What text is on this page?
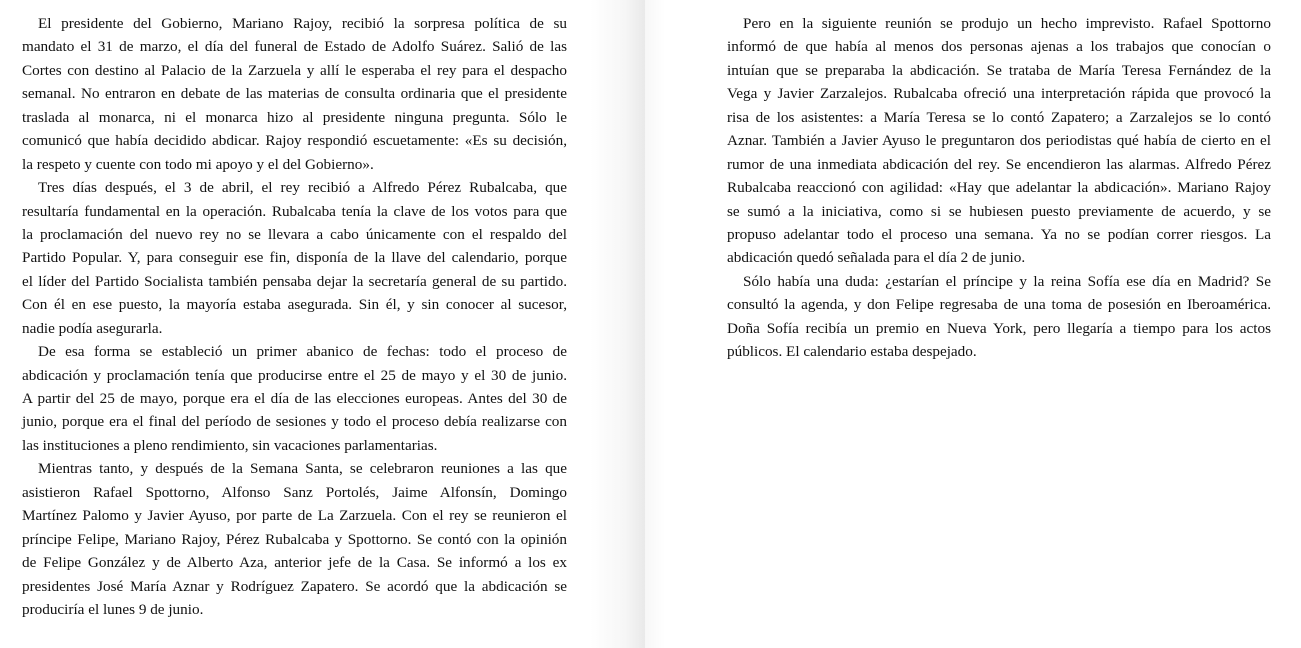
El presidente del Gobierno, Mariano Rajoy, recibió la sorpresa política de su
mandato el 31 de marzo, el día del funeral de Estado de Adolfo Suárez. Salió de las
Cortes con destino al Palacio de la Zarzuela y allí le esperaba el rey para el despacho
semanal. No entraron en debate de las materias de consulta ordinaria que el presidente
traslada al monarca, ni el monarca hizo al presidente ninguna pregunta. Sólo le
comunicó que había decidido abdicar. Rajoy respondió escuetamente: «Es su decisión,
la respeto y cuente con todo mi apoyo y el del Gobierno».
Tres días después, el 3 de abril, el rey recibió a Alfredo Pérez Rubalcaba, que
resultaría fundamental en la operación. Rubalcaba tenía la clave de los votos para que
la proclamación del nuevo rey no se llevara a cabo únicamente con el respaldo del
Partido Popular. Y, para conseguir ese fin, disponía de la llave del calendario, porque
el líder del Partido Socialista también pensaba dejar la secretaría general de su partido.
Con él en ese puesto, la mayoría estaba asegurada. Sin él, y sin conocer al sucesor,
nadie podía asegurarla.
De esa forma se estableció un primer abanico de fechas: todo el proceso de
abdicación y proclamación tenía que producirse entre el 25 de mayo y el 30 de junio.
A partir del 25 de mayo, porque era el día de las elecciones europeas. Antes del 30 de
junio, porque era el final del período de sesiones y todo el proceso debía realizarse con
las instituciones a pleno rendimiento, sin vacaciones parlamentarias.
Mientras tanto, y después de la Semana Santa, se celebraron reuniones a las que
asistieron Rafael Spottorno, Alfonso Sanz Portolés, Jaime Alfonsín, Domingo
Martínez Palomo y Javier Ayuso, por parte de La Zarzuela. Con el rey se reunieron el
príncipe Felipe, Mariano Rajoy, Pérez Rubalcaba y Spottorno. Se contó con la opinión
de Felipe González y de Alberto Aza, anterior jefe de la Casa. Se informó a los ex
presidentes José María Aznar y Rodríguez Zapatero. Se acordó que la abdicación se
produciría el lunes 9 de junio.
Pero en la siguiente reunión se produjo un hecho imprevisto. Rafael Spottorno
informó de que había al menos dos personas ajenas a los trabajos que conocían o
intuían que se preparaba la abdicación. Se trataba de María Teresa Fernández de la
Vega y Javier Zarzalejos. Rubalcaba ofreció una interpretación rápida que provocó la
risa de los asistentes: a María Teresa se lo contó Zapatero; a Zarzalejos se lo contó
Aznar. También a Javier Ayuso le preguntaron dos periodistas qué había de cierto en el
rumor de una inmediata abdicación del rey. Se encendieron las alarmas. Alfredo Pérez
Rubalcaba reaccionó con agilidad: «Hay que adelantar la abdicación». Mariano Rajoy
se sumó a la iniciativa, como si se hubiesen puesto previamente de acuerdo, y se
propuso adelantar todo el proceso una semana. Ya no se podían correr riesgos. La
abdicación quedó señalada para el día 2 de junio.
Sólo había una duda: ¿estarían el príncipe y la reina Sofía ese día en Madrid? Se
consultó la agenda, y don Felipe regresaba de una toma de posesión en Iberoamérica.
Doña Sofía recibía un premio en Nueva York, pero llegaría a tiempo para los actos
públicos. El calendario estaba despejado.
